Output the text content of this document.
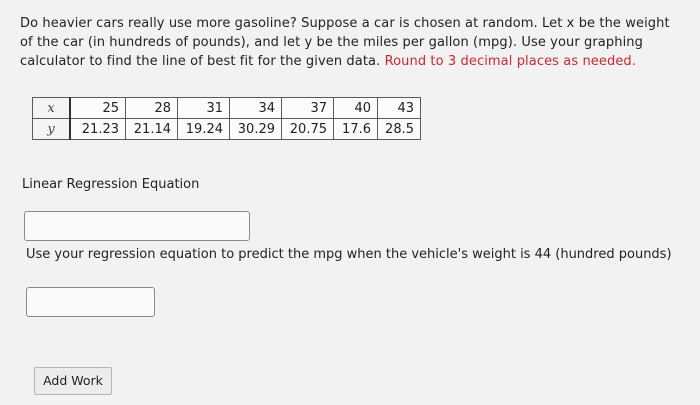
Do heavier cars really use more gasoline? Suppose a car is chosen at random. Let x be the weight of the car (in hundreds of pounds), and let y be the miles per gallon (mpg). Use your graphing calculator to find the line of best fit for the given data. Round to 3 decimal places as needed.
x	25	28	31	34	37	40	43
y	21.23	21.14	19.24	30.29	20.75	17.6	28.5
Linear Regression Equation
Use your regression equation to predict the mpg when the vehicle's weight is 44 (hundred pounds)
Add Work
